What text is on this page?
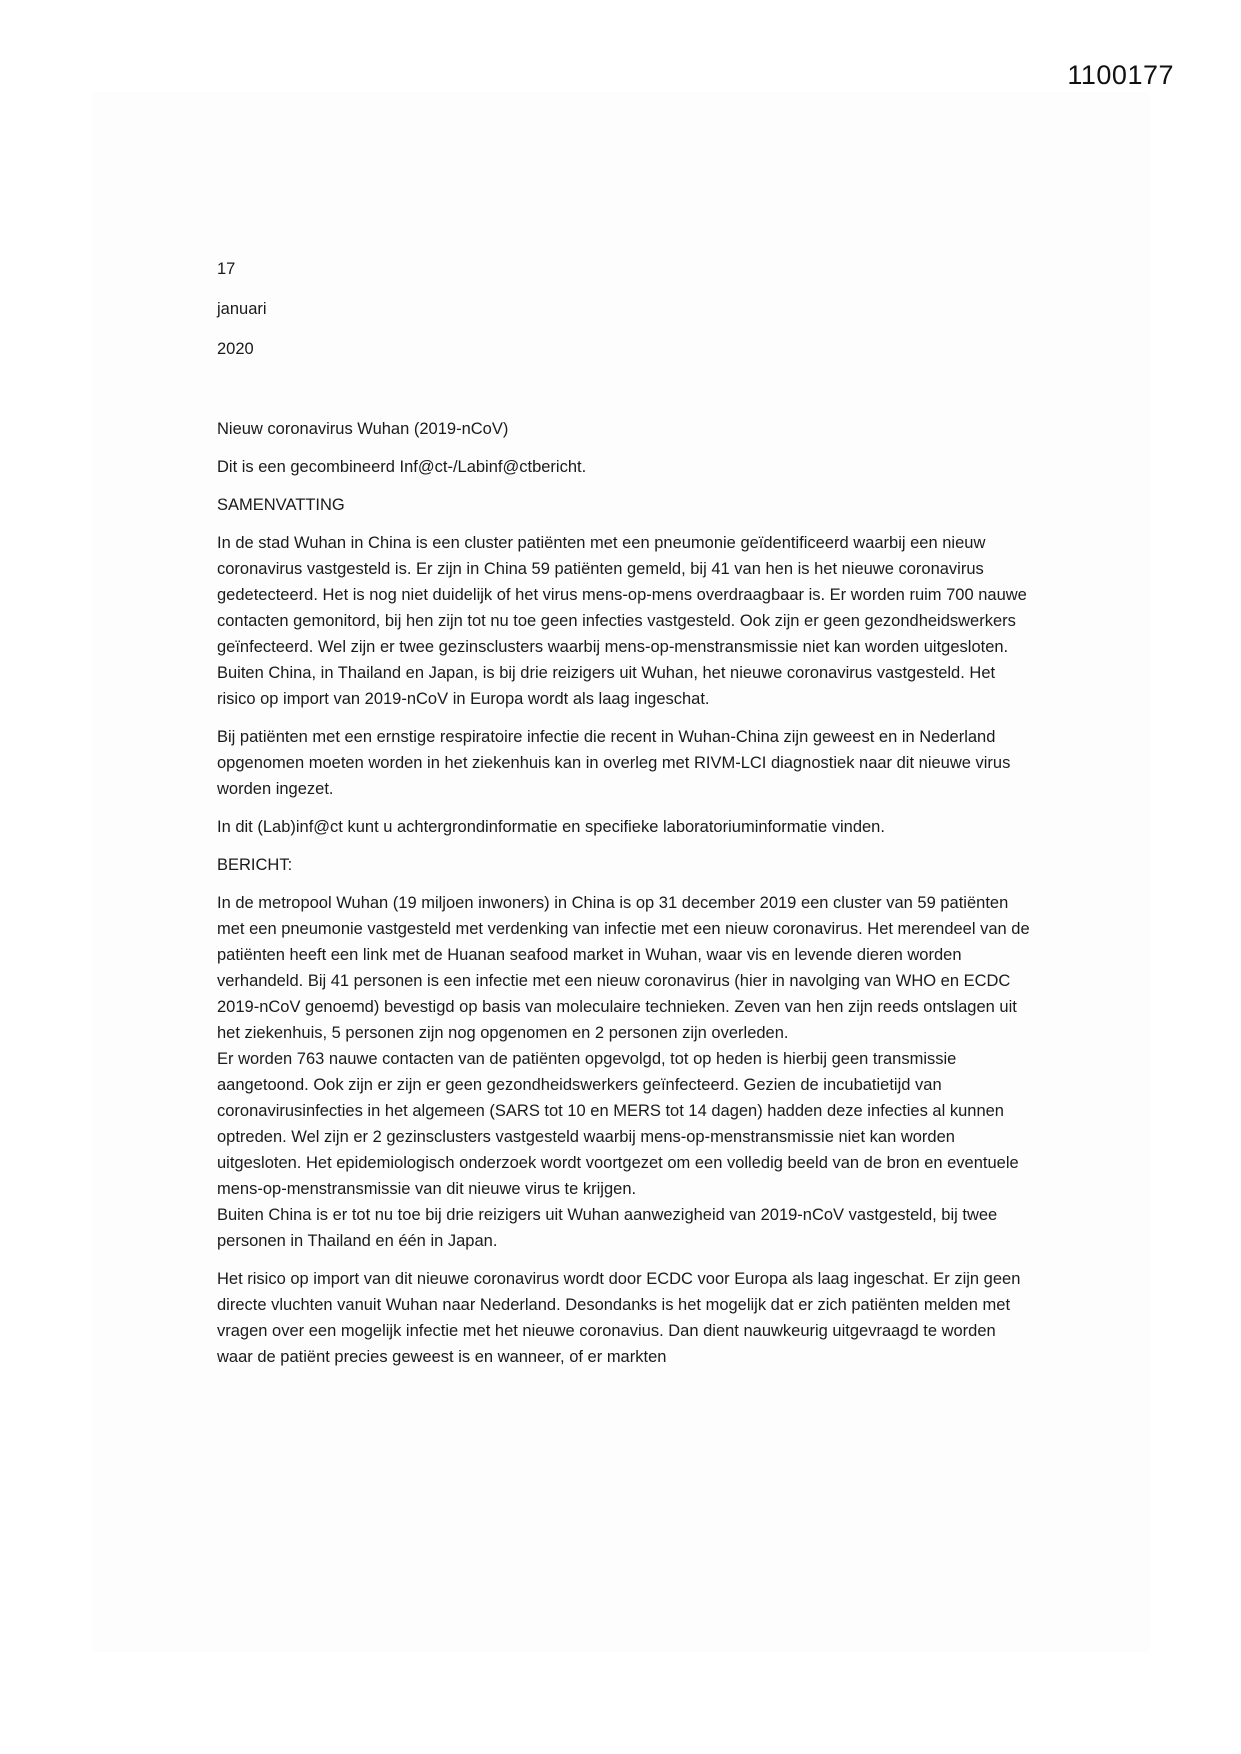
1100177
17
januari
2020
Nieuw coronavirus Wuhan (2019-nCoV)
Dit is een gecombineerd Inf@ct-/Labinf@ctbericht.
SAMENVATTING
In de stad Wuhan in China is een cluster patiënten met een pneumonie geïdentificeerd waarbij een nieuw coronavirus vastgesteld is. Er zijn in China 59 patiënten gemeld, bij 41 van hen is het nieuwe coronavirus gedetecteerd. Het is nog niet duidelijk of het virus mens-op-mens overdraagbaar is. Er worden ruim 700 nauwe contacten gemonitord, bij hen zijn tot nu toe geen infecties vastgesteld. Ook zijn er geen gezondheidswerkers geïnfecteerd. Wel zijn er twee gezinsclusters waarbij mens-op-menstransmissie niet kan worden uitgesloten. Buiten China, in Thailand en Japan, is bij drie reizigers uit Wuhan, het nieuwe coronavirus vastgesteld. Het risico op import van 2019-nCoV in Europa wordt als laag ingeschat.
Bij patiënten met een ernstige respiratoire infectie die recent in Wuhan-China zijn geweest en in Nederland opgenomen moeten worden in het ziekenhuis kan in overleg met RIVM-LCI diagnostiek naar dit nieuwe virus worden ingezet.
In dit (Lab)inf@ct kunt u achtergrondinformatie en specifieke laboratoriuminformatie vinden.
BERICHT:
In de metropool Wuhan (19 miljoen inwoners) in China is op 31 december 2019 een cluster van 59 patiënten met een pneumonie vastgesteld met verdenking van infectie met een nieuw coronavirus. Het merendeel van de patiënten heeft een link met de Huanan seafood market in Wuhan, waar vis en levende dieren worden verhandeld. Bij 41 personen is een infectie met een nieuw coronavirus (hier in navolging van WHO en ECDC 2019-nCoV genoemd) bevestigd op basis van moleculaire technieken. Zeven van hen zijn reeds ontslagen uit het ziekenhuis, 5 personen zijn nog opgenomen en 2 personen zijn overleden.
Er worden 763 nauwe contacten van de patiënten opgevolgd, tot op heden is hierbij geen transmissie aangetoond. Ook zijn er zijn er geen gezondheidswerkers geïnfecteerd. Gezien de incubatietijd van coronavirusinfecties in het algemeen (SARS tot 10 en MERS tot 14 dagen) hadden deze infecties al kunnen optreden. Wel zijn er 2 gezinsclusters vastgesteld waarbij mens-op-menstransmissie niet kan worden uitgesloten. Het epidemiologisch onderzoek wordt voortgezet om een volledig beeld van de bron en eventuele mens-op-menstransmissie van dit nieuwe virus te krijgen.
Buiten China is er tot nu toe bij drie reizigers uit Wuhan aanwezigheid van 2019-nCoV vastgesteld, bij twee personen in Thailand en één in Japan.
Het risico op import van dit nieuwe coronavirus wordt door ECDC voor Europa als laag ingeschat. Er zijn geen directe vluchten vanuit Wuhan naar Nederland. Desondanks is het mogelijk dat er zich patiënten melden met vragen over een mogelijk infectie met het nieuwe coronavius. Dan dient nauwkeurig uitgevraagd te worden waar de patiënt precies geweest is en wanneer, of er markten
